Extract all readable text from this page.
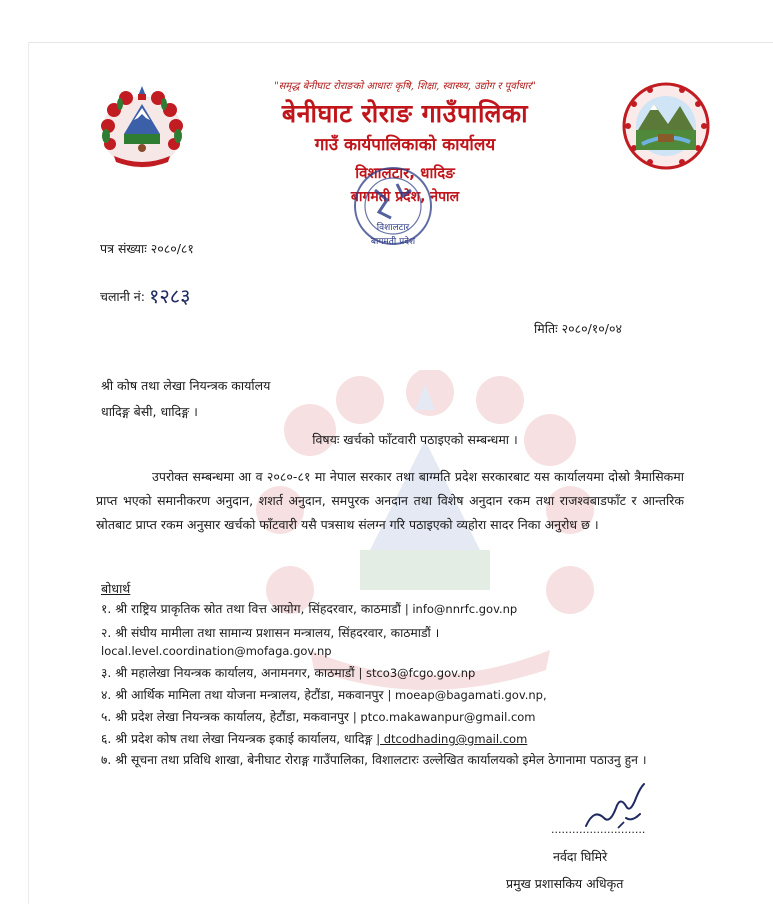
"समृद्ध बेनीघाट रोराङको आधारः कृषि, शिक्षा, स्वास्थ्य, उद्योग र पूर्वाधार"
बेनीघाट रोराङ गाउँपालिका
गाउँ कार्यपालिकाको कार्यालय
विशालटार, धादिङ
बागमती प्रदेश, नेपाल
विशालटार
बागमती प्रदेश
पत्र संख्याः २०८०/८१
चलानी नं: १२८३
मितिः २०८०/१०/०४
श्री कोष तथा लेखा नियन्त्रक कार्यालय
धादिङ्ग बेसी, धादिङ्ग ।
विषयः खर्चको फाँटवारी पठाइएको सम्बन्धमा ।
उपरोक्त सम्बन्धमा आ व २०८०-८१ मा नेपाल सरकार तथा बाग्मति प्रदेश सरकारबाट यस कार्यालयमा दोस्रो त्रैमासिकमा प्राप्त भएको समानीकरण अनुदान, शशर्त अनुदान, समपुरक अनदान तथा विशेष अनुदान रकम तथा राजश्वबाडफाँट र आन्तरिक स्रोतबाट प्राप्त रकम अनुसार खर्चको फाँटवारी यसै पत्रसाथ संलग्न गरि पठाइएको व्यहोरा सादर निका अनुरोध छ ।
बोधार्थ
१. श्री राष्ट्रिय प्राकृतिक स्रोत तथा वित्त आयोग, सिंहदरवार, काठमाडौं | info@nnrfc.gov.np
२. श्री संघीय मामीला तथा सामान्य प्रशासन मन्त्रालय, सिंहदरवार, काठमाडौं ।
local.level.coordination@mofaga.gov.np
३. श्री महालेखा नियन्त्रक कार्यालय, अनामनगर, काठमाडौं | stco3@fcgo.gov.np
४. श्री आर्थिक मामिला तथा योजना मन्त्रालय, हेटौंडा, मकवानपुर | moeap@bagamati.gov.np,
५. श्री प्रदेश लेखा नियन्त्रक कार्यालय, हेटौंडा, मकवानपुर | ptco.makawanpur@gmail.com
६. श्री प्रदेश कोष तथा लेखा नियन्त्रक इकाई कार्यालय, धादिङ्ग | dtcodhading@gmail.com
७. श्री सूचना तथा प्रविधि शाखा, बेनीघाट रोराङ्ग गाउँपालिका, विशालटारः उल्लेखित कार्यालयको इमेल ठेगानामा पठाउनु हुन ।
...........................
नर्वदा घिमिरे
प्रमुख प्रशासकिय अधिकृत
